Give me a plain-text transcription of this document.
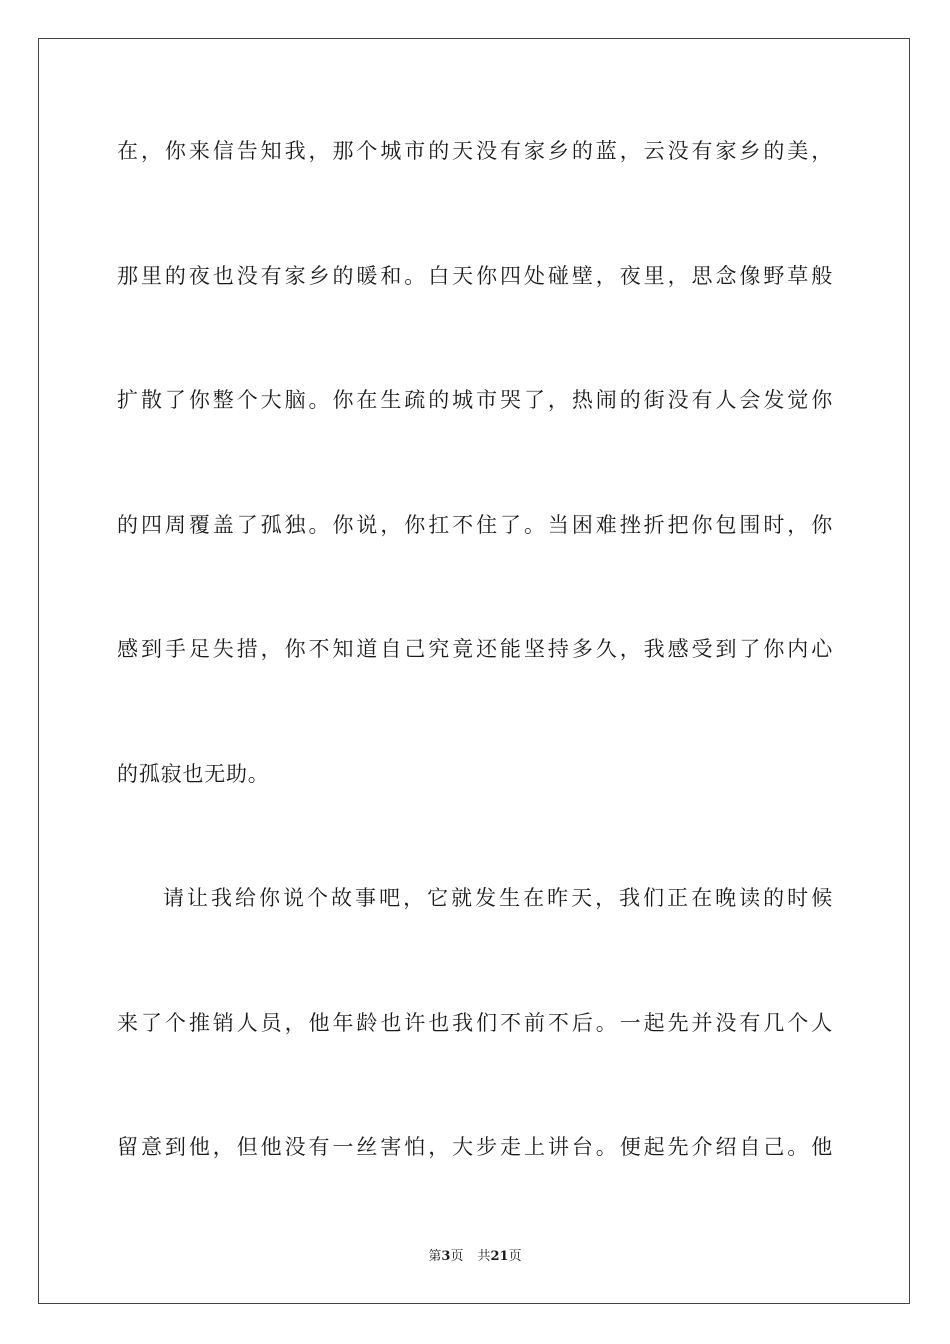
在，你来信告知我，那个城市的天没有家乡的蓝，云没有家乡的美，
那里的夜也没有家乡的暖和。白天你四处碰壁，夜里，思念像野草般
扩散了你整个大脑。你在生疏的城市哭了，热闹的街没有人会发觉你
的四周覆盖了孤独。你说，你扛不住了。当困难挫折把你包围时，你
感到手足失措，你不知道自己究竟还能坚持多久，我感受到了你内心
的孤寂也无助。
请让我给你说个故事吧，它就发生在昨天，我们正在晚读的时候
来了个推销人员，他年龄也许也我们不前不后。一起先并没有几个人
留意到他，但他没有一丝害怕，大步走上讲台。便起先介绍自己。他
第3页 共21页
